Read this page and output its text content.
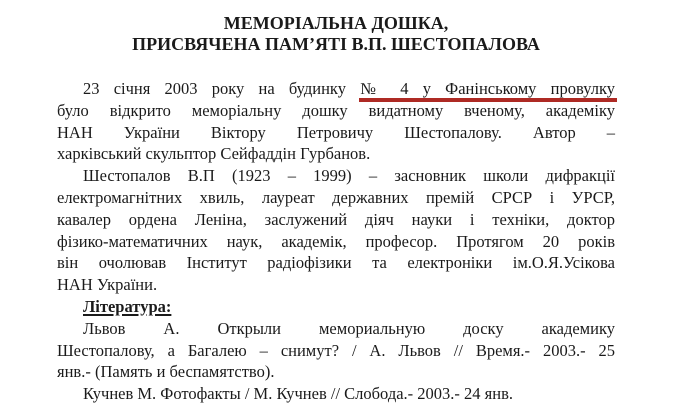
МЕМОРІАЛЬНА ДОШКА,
ПРИСВЯЧЕНА ПАМ’ЯТІ В.П. ШЕСТОПАЛОВА
23 січня 2003 року на будинку № 4 у Фанінському провулку
було відкрито меморіальну дошку видатному вченому, академіку
НАН України Віктору Петровичу Шестопалову. Автор –
харківський скульптор Сейфаддін Гурбанов.
Шестопалов В.П (1923 – 1999) – засновник школи дифракції
електромагнітних хвиль, лауреат державних премій СРСР і УРСР,
кавалер ордена Леніна, заслужений діяч науки і техніки, доктор
фізико-математичних наук, академік, професор. Протягом 20 років
він очолював Інститут радіофізики та електроніки ім.О.Я.Усікова
НАН України.
Література:
Львов А. Открыли мемориальную доску академику
Шестопалову, а Багалею – снимут? / А. Львов // Время.- 2003.- 25
янв.- (Память и беспамятство).
Кучнев М. Фотофакты / М. Кучнев // Слобода.- 2003.- 24 янв.
